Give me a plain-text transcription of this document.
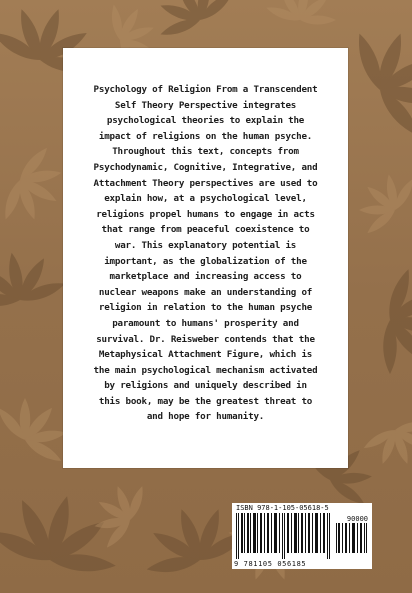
Psychology of Religion From a Transcendent
Self Theory Perspective integrates
psychological theories to explain the
impact of religions on the human psyche.
Throughout this text, concepts from
Psychodynamic, Cognitive, Integrative, and
Attachment Theory perspectives are used to
explain how, at a psychological level,
religions propel humans to engage in acts
that range from peaceful coexistence to
war. This explanatory potential is
important, as the globalization of the
marketplace and increasing access to
nuclear weapons make an understanding of
religion in relation to the human psyche
paramount to humans' prosperity and
survival. Dr. Reisweber contends that the
Metaphysical Attachment Figure, which is
the main psychological mechanism activated
by religions and uniquely described in
this book, may be the greatest threat to
and hope for humanity.

ISBN 978-1-105-05618-5
90000
9 781105 056185
